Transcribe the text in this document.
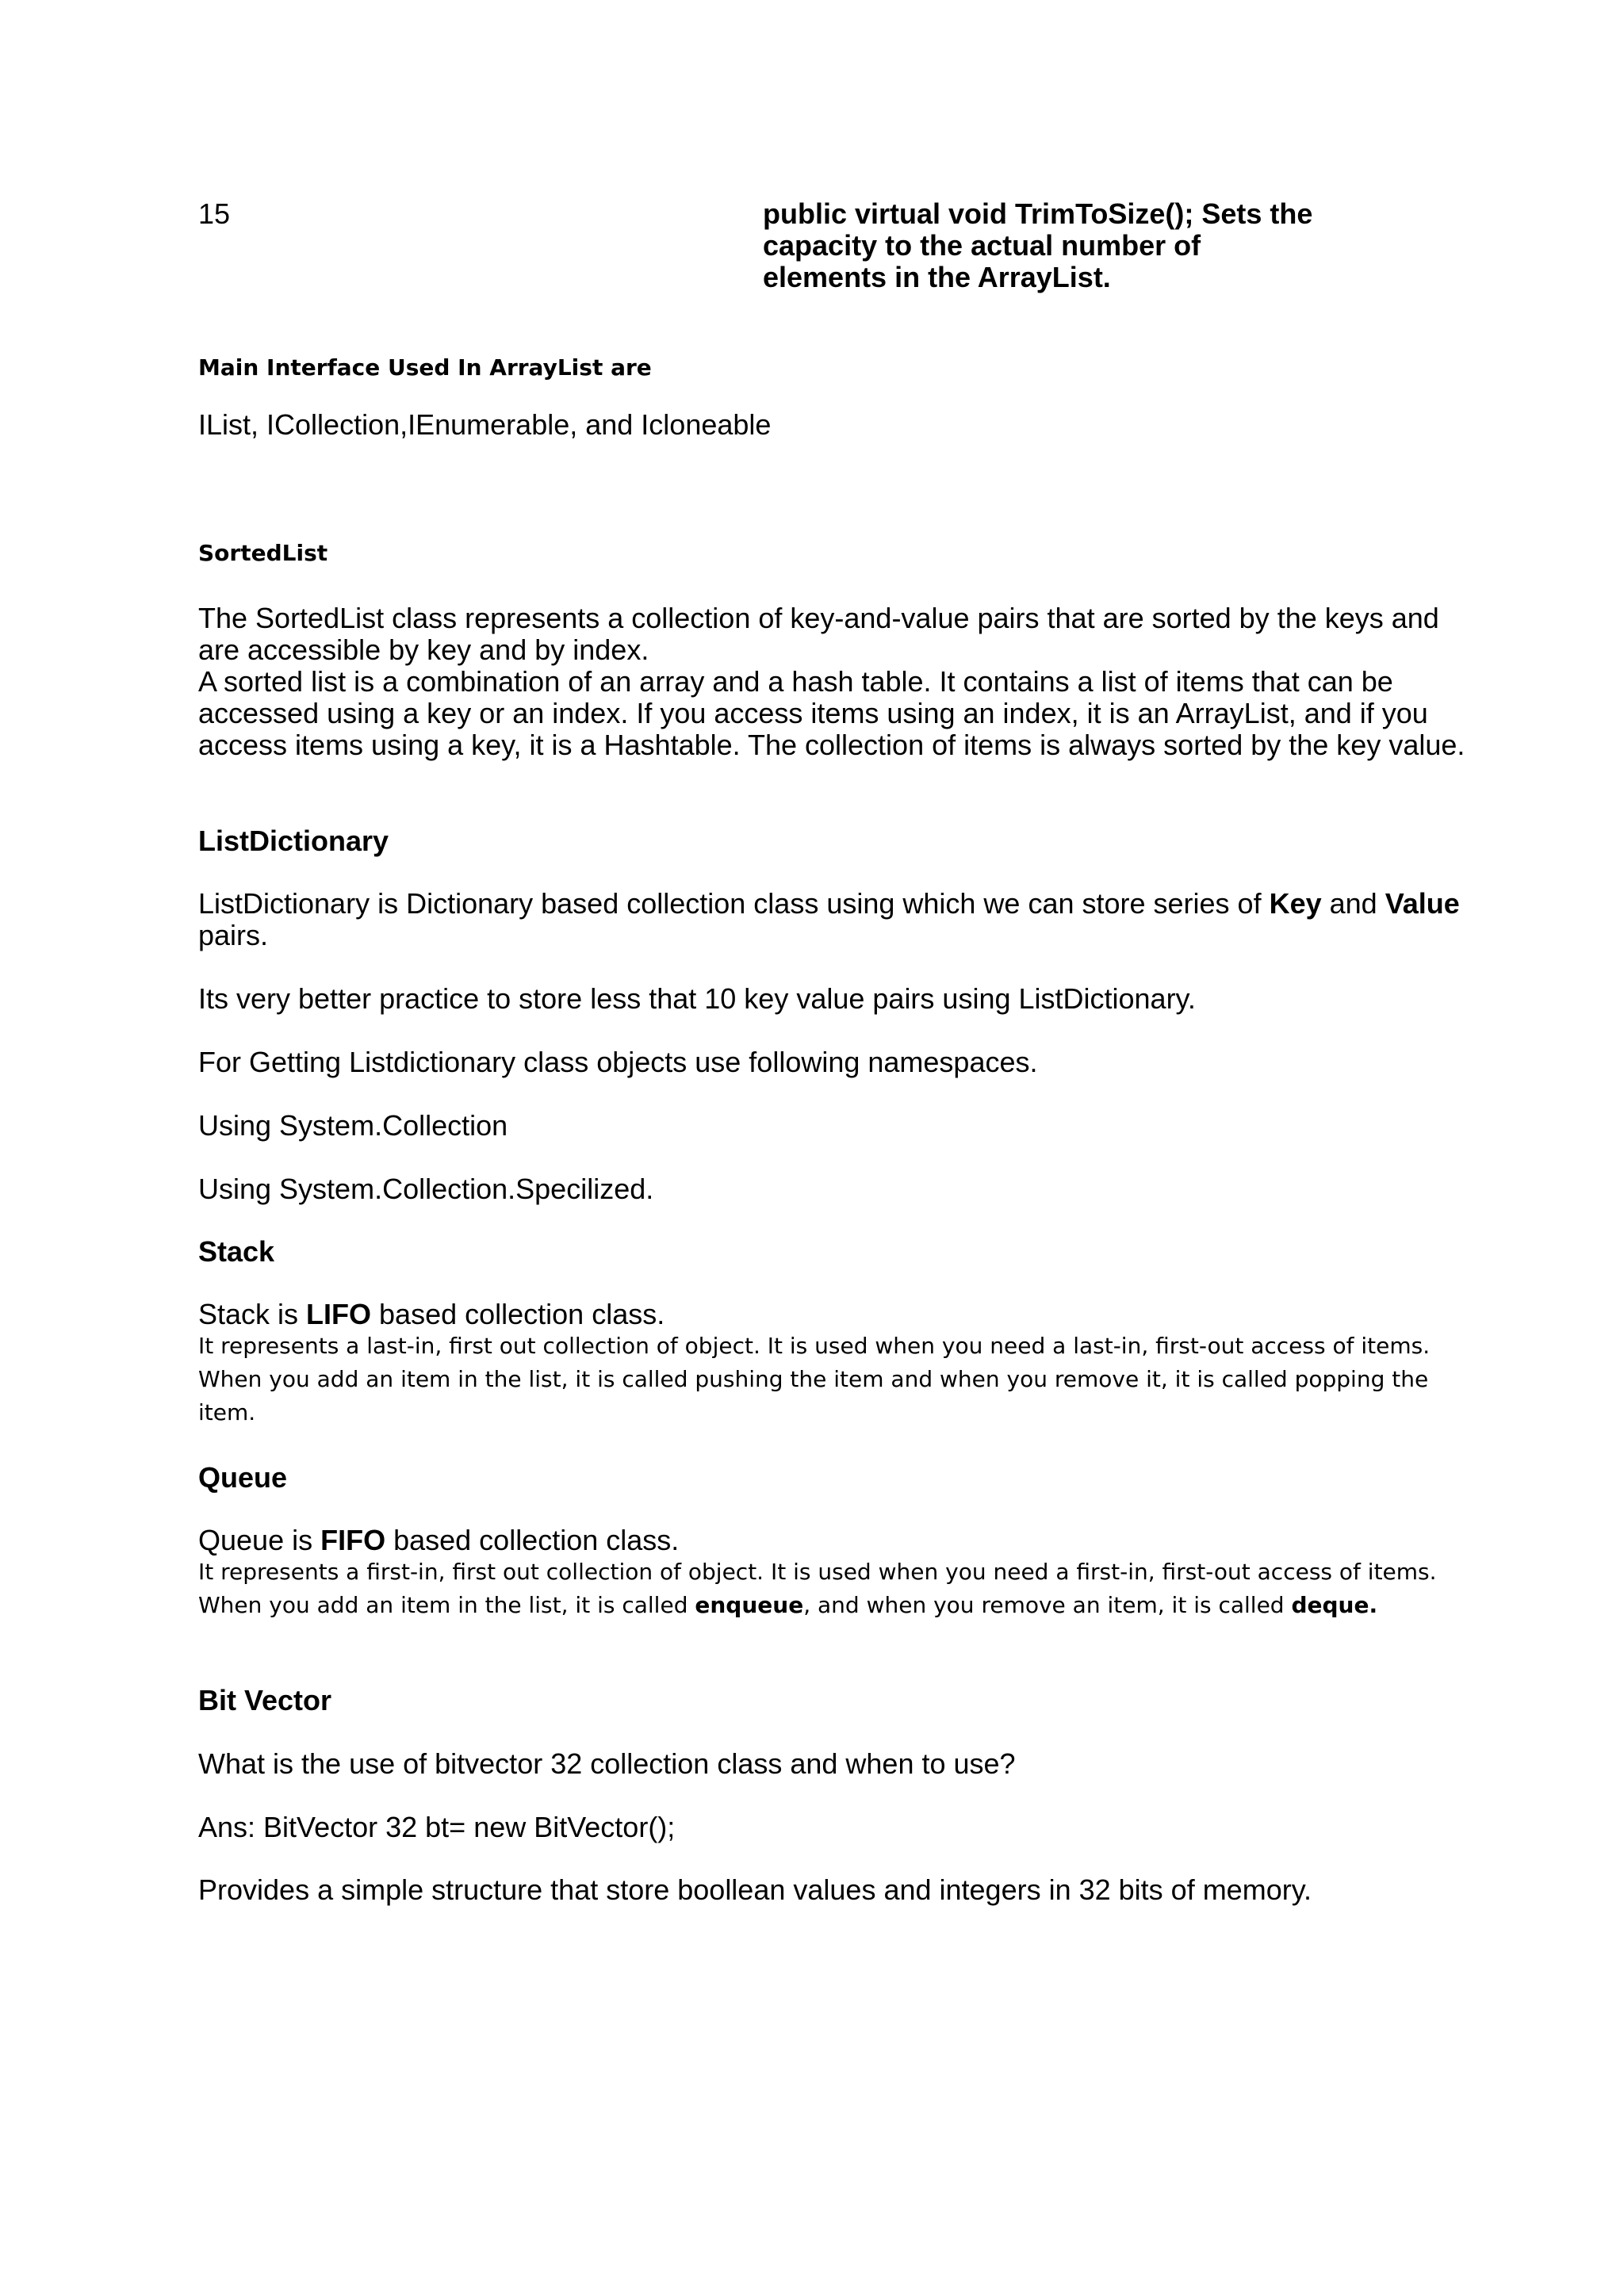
15	public virtual void TrimToSize(); Sets the
capacity to the actual number of
elements in the ArrayList.
Main Interface Used In ArrayList are
IList, ICollection,IEnumerable, and Icloneable
SortedList
The SortedList class represents a collection of key-and-value pairs that are sorted by the keys and
are accessible by key and by index.
A sorted list is a combination of an array and a hash table. It contains a list of items that can be
accessed using a key or an index. If you access items using an index, it is an ArrayList, and if you
access items using a key, it is a Hashtable. The collection of items is always sorted by the key value.
ListDictionary
ListDictionary is Dictionary based collection class using which we can store series of Key and Value
pairs.
Its very better practice to store less that 10 key value pairs using ListDictionary.
For Getting Listdictionary class objects use following namespaces.
Using System.Collection
Using System.Collection.Specilized.
Stack
Stack is LIFO based collection class.
It represents a last-in, first out collection of object. It is used when you need a last-in, first-out access of items.
When you add an item in the list, it is called pushing the item and when you remove it, it is called popping the
item.
Queue
Queue is FIFO based collection class.
It represents a first-in, first out collection of object. It is used when you need a first-in, first-out access of items.
When you add an item in the list, it is called enqueue, and when you remove an item, it is called deque.
Bit Vector
What is the use of bitvector 32 collection class and when to use?
Ans: BitVector 32 bt= new BitVector();
Provides a simple structure that store boollean values and integers in 32 bits of memory.
